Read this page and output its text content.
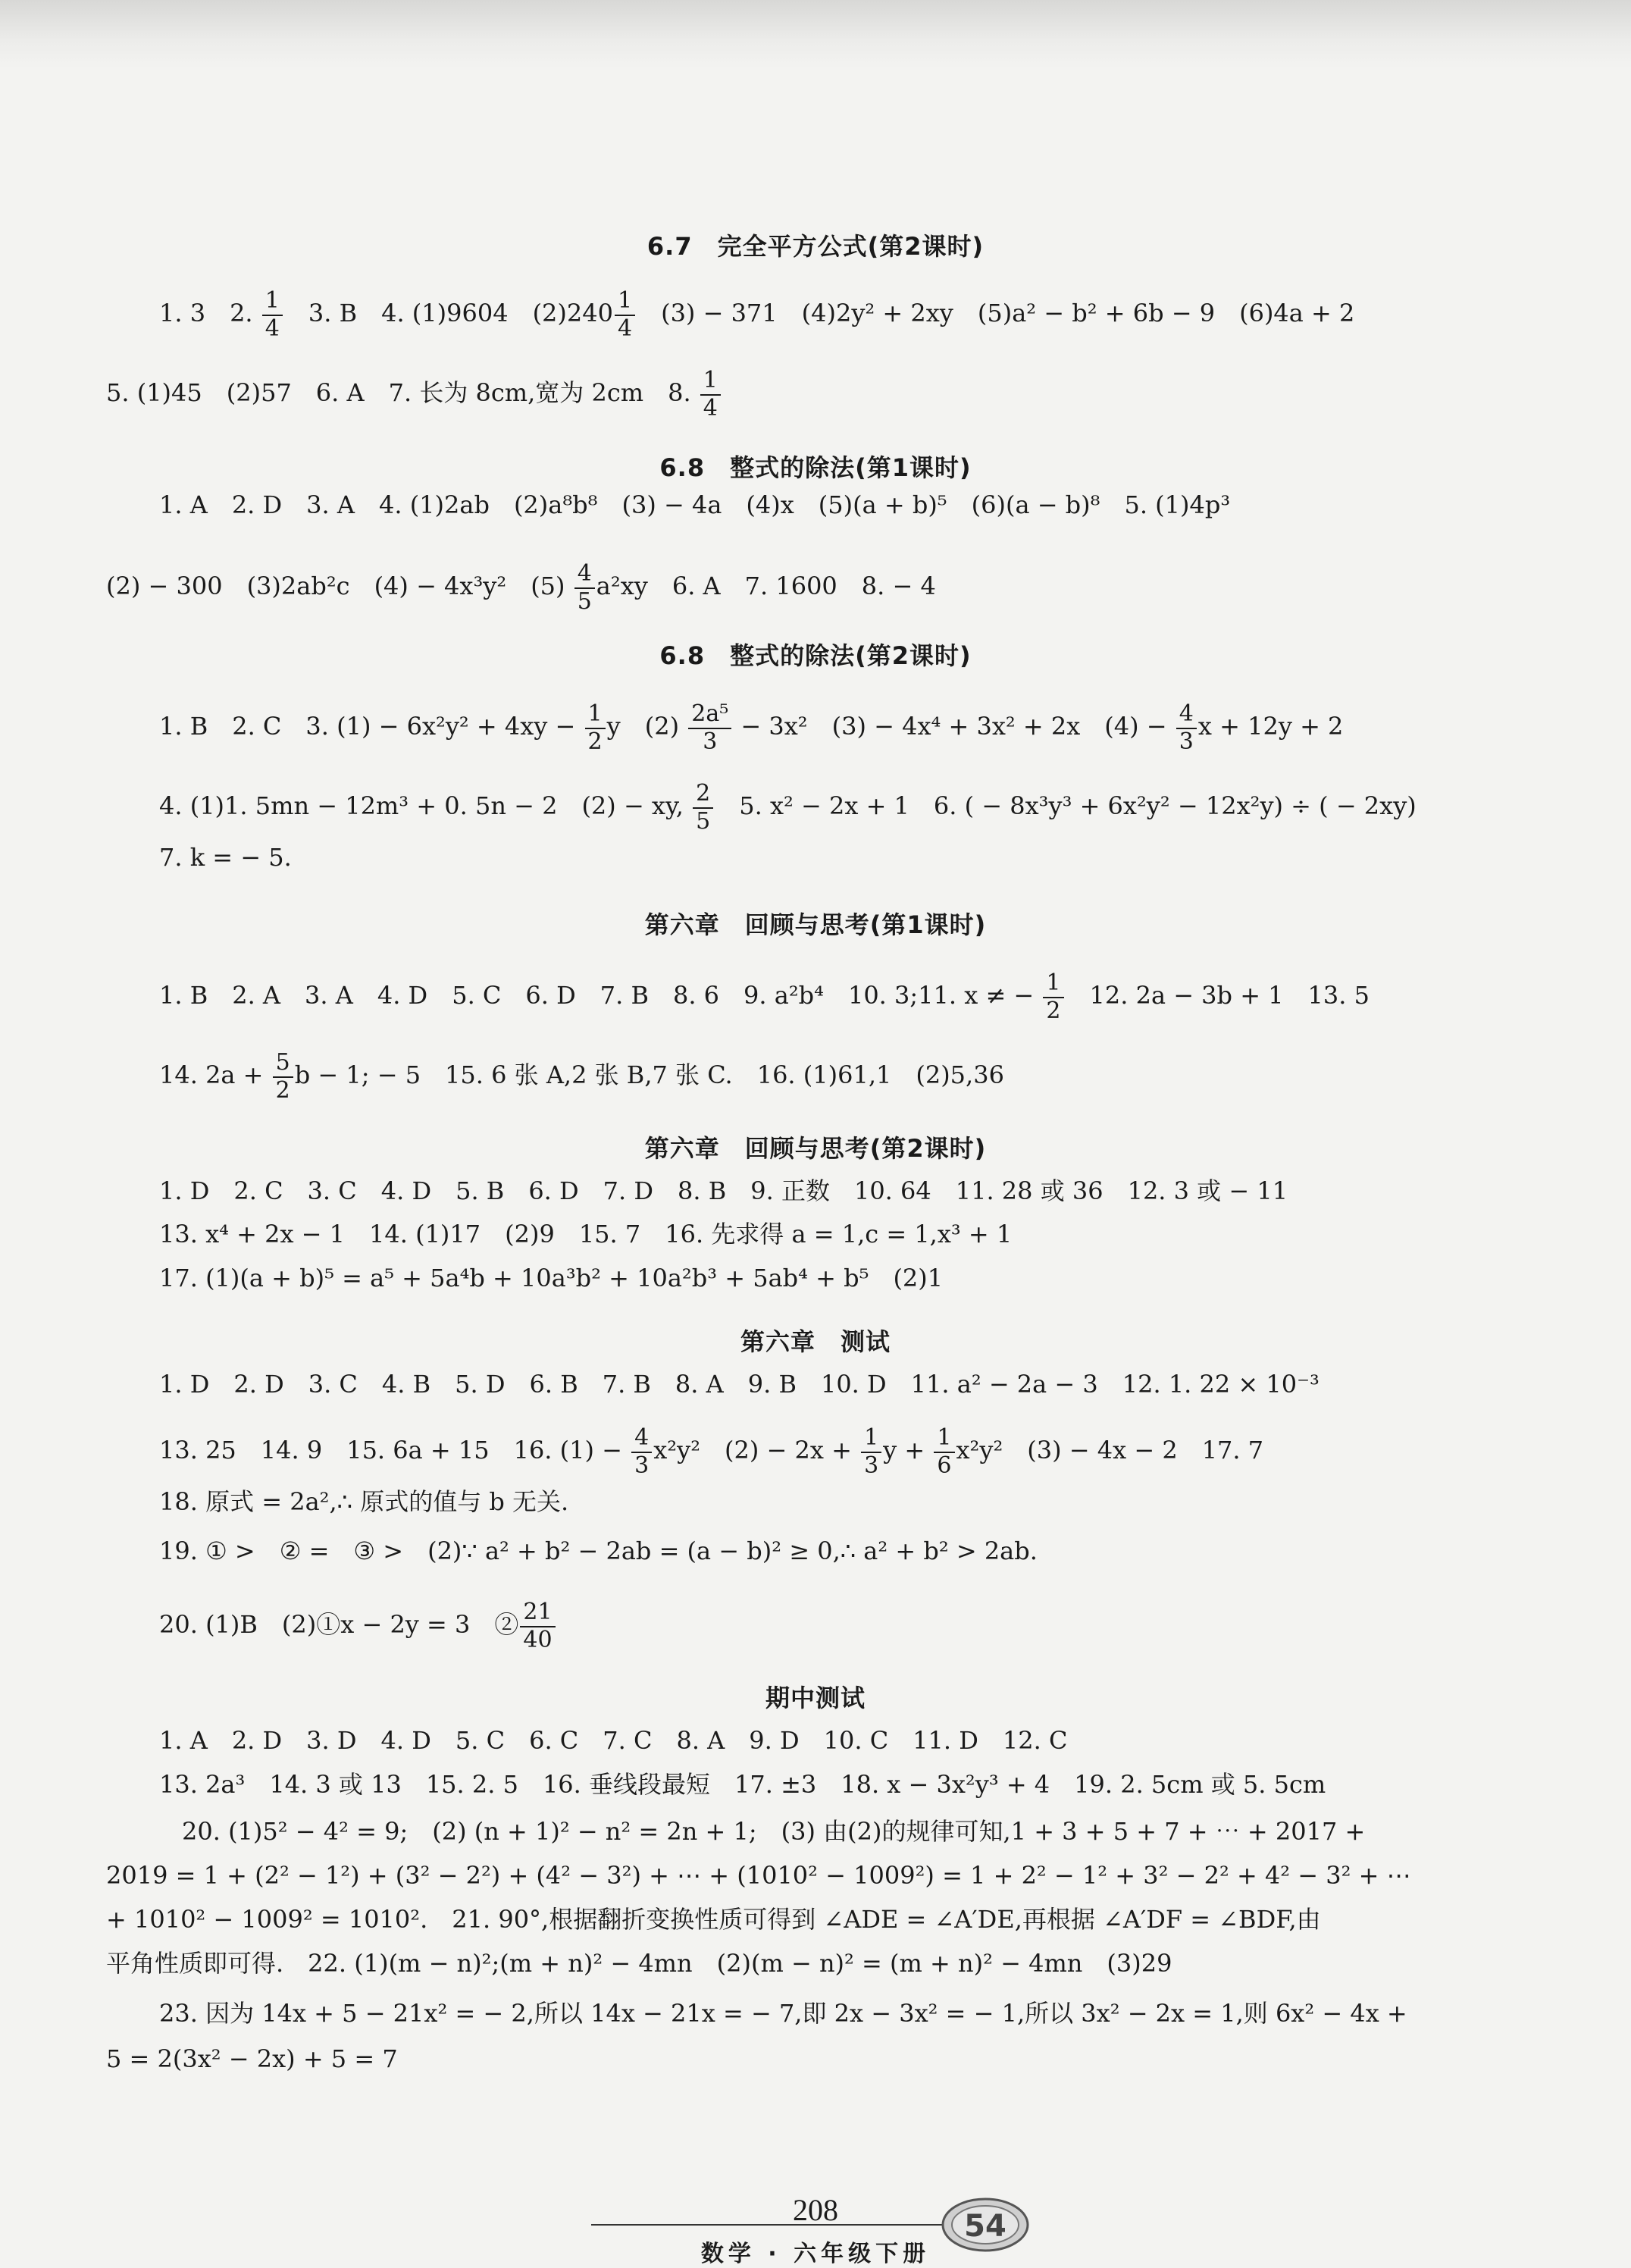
6.7　完全平方公式(第2课时)
1. 3　2. $\frac{1}{4}$ 　3. B　4. (1)9604　$(2)240 \frac{1}{4}$ 　(3) − 371　(4)2y² + 2xy　(5)a² − b² + 6b − 9　(6)4a + 2
5. (1)45　(2)57　6. A　7. 长为 8cm,宽为 2cm　8. $\frac{1}{4}$
6.8　整式的除法(第1课时)
1. A　2. D　3. A　4. (1)2ab　(2)a⁸b⁸　(3) − 4a　(4)x　(5)(a + b)⁵　(6)(a − b)⁸　5. (1)4p³
(2) − 300　(3)2ab²c　(4) − 4x³y²　$(5) \frac{4}{5} a^2xy$　6. A　7. 1600　8. − 4
6.8　整式的除法(第2课时)
1. B　2. C　3. $(1) - 6x^2y^2 + 4xy - \frac{1}{2}$ y　$(2) \frac{\text{2a⁵}}{3} - 3x^2$　(3) − 4x⁴ + 3x² + 2x　$(4) - \frac{4}{3}$ x + 12y + 2
4. (1)1. 5mn − 12m³ + 0. 5n − 2　(2) − xy, $\frac{2}{5}$ 　5. x² − 2x + 1　6. ( − 8x³y³ + 6x²y² − 12x²y) ÷ ( − 2xy)
7. k = − 5.
第六章　回顾与思考(第1课时)
1. B　2. A　3. A　4. D　5. C　6. D　7. B　8. 6　9. a²b⁴　10. 3;11. x ≠ − $\frac{1}{2}$ 　12. 2a − 3b + 1　13. 5
14. $2a + \frac{5}{2}$ b − 1; − 5　15. 6 张 A,2 张 B,7 张 C.　16. (1)61,1　(2)5,36
第六章　回顾与思考(第2课时)
1. D　2. C　3. C　4. D　5. B　6. D　7. D　8. B　9. 正数　10. 64　11. 28 或 36　12. 3 或 − 11
13. x⁴ + 2x − 1　14. (1)17　(2)9　15. 7　16. 先求得 a = 1,c = 1,x³ + 1
17. (1)(a + b)⁵ = a⁵ + 5a⁴b + 10a³b² + 10a²b³ + 5ab⁴ + b⁵　(2)1
第六章　测试
1. D　2. D　3. C　4. B　5. D　6. B　7. B　8. A　9. B　10. D　11. a² − 2a − 3　12. 1. 22 × 10⁻³
13. 25　14. 9　15. 6a + 15　16. $(1) - \frac{4}{3} x^2y^2$　$(2) - 2x + \frac{1}{3}$ $y + \frac{1}{6} x^2y^2$　(3) − 4x − 2　17. 7
18. 原式 = 2a²,∴ 原式的值与 b 无关.
19. ① >　② =　③ >　(2)∵ a² + b² − 2ab = (a − b)² ≥ 0,∴ a² + b² > 2ab.
20. (1)B　(2)①x − 2y = 3　② $\frac{21}{40}$
期中测试
1. A　2. D　3. D　4. D　5. C　6. C　7. C　8. A　9. D　10. C　11. D　12. C
13. 2a³　14. 3 或 13　15. 2. 5　16. 垂线段最短　17. ±3　18. x − 3x²y³ + 4　19. 2. 5cm 或 5. 5cm
20. (1)5² − 4² = 9;　(2) (n + 1)² − n² = 2n + 1;　(3) 由(2)的规律可知,1 + 3 + 5 + 7 + ⋯ + 2017 +
2019 = 1 + (2² − 1²) + (3² − 2²) + (4² − 3²) + ⋯ + (1010² − 1009²) = 1 + 2² − 1² + 3² − 2² + 4² − 3² + ⋯
+ 1010² − 1009² = 1010².　21. 90°,根据翻折变换性质可得到 ∠ADE = ∠A′DE,再根据 ∠A′DF = ∠BDF,由
平角性质即可得.　22. (1)(m − n)²;(m + n)² − 4mn　(2)(m − n)² = (m + n)² − 4mn　(3)29
23. 因为 14x + 5 − 21x² = − 2,所以 14x − 21x = − 7,即 2x − 3x² = − 1,所以 3x² − 2x = 1,则 6x² − 4x +
5 = 2(3x² − 2x) + 5 = 7
208
数学 · 六年级下册
54
